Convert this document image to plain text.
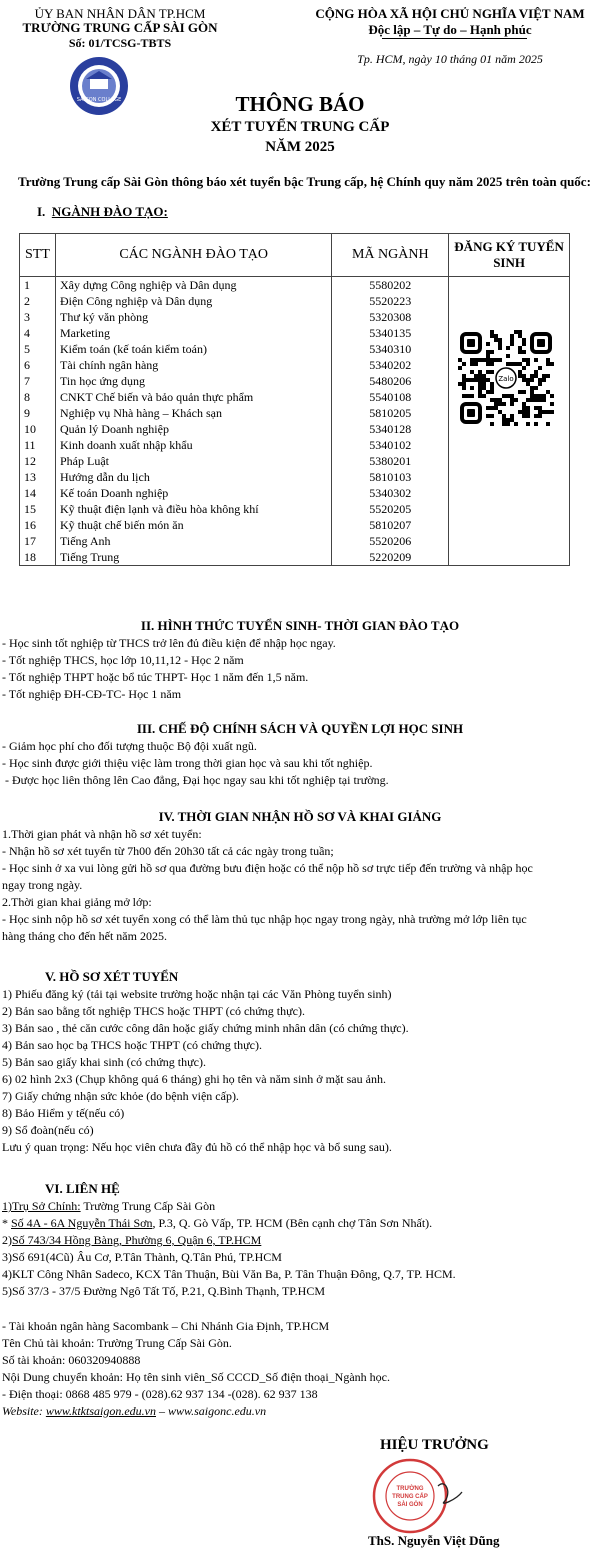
ỦY BAN NHÂN DÂN TP.HCM
TRƯỜNG TRUNG CẤP SÀI GÒN
Số: 01/TCSG-TBTS
SAIGON COLLEGE
CỘNG HÒA XÃ HỘI CHỦ NGHĨA VIỆT NAM
Độc lập – Tự do – Hạnh phúc
Tp. HCM, ngày 10 tháng 01 năm 2025
THÔNG BÁO
XÉT TUYỂN TRUNG CẤP
NĂM 2025
Trường Trung cấp Sài Gòn thông báo xét tuyển bậc Trung cấp, hệ Chính quy năm 2025 trên toàn quốc:
I. NGÀNH ĐÀO TẠO:
STT	CÁC NGÀNH ĐÀO TẠO	MÃ NGÀNH	ĐĂNG KÝ TUYỂN SINH
1	Xây dựng Công nghiệp và Dân dụng	5580202	
2	Điện Công nghiệp và Dân dụng	5520223	
3	Thư ký văn phòng	5320308	
4	Marketing	5340135	
5	Kiểm toán (kế toán kiểm toán)	5340310	
6	Tài chính ngân hàng	5340202	
7	Tin học ứng dụng	5480206	
8	CNKT Chế biến và bảo quản thực phẩm	5540108	
9	Nghiệp vụ Nhà hàng – Khách sạn	5810205	
10	Quản lý Doanh nghiệp	5340128	
11	Kinh doanh xuất nhập khẩu	5340102	
12	Pháp Luật	5380201	
13	Hướng dẫn du lịch	5810103	
14	Kế toán Doanh nghiệp	5340302	
15	Kỹ thuật điện lạnh và điều hòa không khí	5520205	
16	Kỹ thuật chế biến món ăn	5810207	
17	Tiếng Anh	5520206	
18	Tiếng Trung	5220209	
Zalo
II. HÌNH THỨC TUYỂN SINH- THỜI GIAN ĐÀO TẠO
- Học sinh tốt nghiệp từ THCS trở lên đủ điều kiện để nhập học ngay.
- Tốt nghiệp THCS, học lớp 10,11,12 - Học 2 năm
- Tốt nghiệp THPT hoặc bổ túc THPT- Học 1 năm đến 1,5 năm.
- Tốt nghiệp ĐH-CĐ-TC- Học 1 năm
III. CHẾ ĐỘ CHÍNH SÁCH VÀ QUYỀN LỢI HỌC SINH
- Giảm học phí cho đối tượng thuộc Bộ đội xuất ngũ.
- Học sinh được giới thiệu việc làm trong thời gian học và sau khi tốt nghiệp.
- Được học liên thông lên Cao đẳng, Đại học ngay sau khi tốt nghiệp tại trường.
IV. THỜI GIAN NHẬN HỒ SƠ VÀ KHAI GIẢNG
1.Thời gian phát và nhận hồ sơ xét tuyển:
- Nhận hồ sơ xét tuyển từ 7h00 đến 20h30 tất cả các ngày trong tuần;
- Học sinh ở xa vui lòng gửi hồ sơ qua đường bưu điện hoặc có thể nộp hồ sơ trực tiếp đến trường và nhập học
ngay trong ngày.
2.Thời gian khai giảng mở lớp:
- Học sinh nộp hồ sơ xét tuyển xong có thể làm thủ tục nhập học ngay trong ngày, nhà trường mở lớp liên tục
hàng tháng cho đến hết năm 2025.
V. HỒ SƠ XÉT TUYỂN
1) Phiếu đăng ký (tải tại website trường hoặc nhận tại các Văn Phòng tuyển sinh)
2) Bản sao bằng tốt nghiệp THCS hoặc THPT (có chứng thực).
3) Bản sao , thẻ căn cước công dân hoặc giấy chứng minh nhân dân (có chứng thực).
4) Bản sao học bạ THCS hoặc THPT (có chứng thực).
5) Bản sao giấy khai sinh (có chứng thực).
6) 02 hình 2x3 (Chụp không quá 6 tháng) ghi họ tên và năm sinh ở mặt sau ảnh.
7) Giấy chứng nhận sức khỏe (do bệnh viện cấp).
8) Bảo Hiểm y tế(nếu có)
9) Sổ đoàn(nếu có)
Lưu ý quan trọng: Nếu học viên chưa đầy đủ hồ có thể nhập học và bổ sung sau).
VI. LIÊN HỆ
1)Trụ Sở Chính: Trường Trung Cấp Sài Gòn
* Số 4A - 6A Nguyễn Thái Sơn, P.3, Q. Gò Vấp, TP. HCM (Bên cạnh chợ Tân Sơn Nhất).
2)Số 743/34 Hồng Bàng, Phường 6, Quận 6, TP.HCM
3)Số 691(4Cũ) Âu Cơ, P.Tân Thành, Q.Tân Phú, TP.HCM
4)KLT Công Nhân Sadeco, KCX Tân Thuận, Bùi Văn Ba, P. Tân Thuận Đông, Q.7, TP. HCM.
5)Số 37/3 - 37/5 Đường Ngô Tất Tố, P.21, Q.Bình Thạnh, TP.HCM
- Tài khoản ngân hàng Sacombank – Chi Nhánh Gia Định, TP.HCM
Tên Chủ tài khoản: Trường Trung Cấp Sài Gòn.
Số tài khoản: 060320940888
Nội Dung chuyển khoản: Họ tên sinh viên_Số CCCD_Số điện thoại_Ngành học.
- Điện thoại: 0868 485 979 - (028).62 937 134 -(028). 62 937 138
Website: www.ktktsaigon.edu.vn – www.saigonc.edu.vn
HIỆU TRƯỞNG
TRƯỜNG
TRUNG CẤP
SÀI GÒN
ThS. Nguyễn Việt Dũng
